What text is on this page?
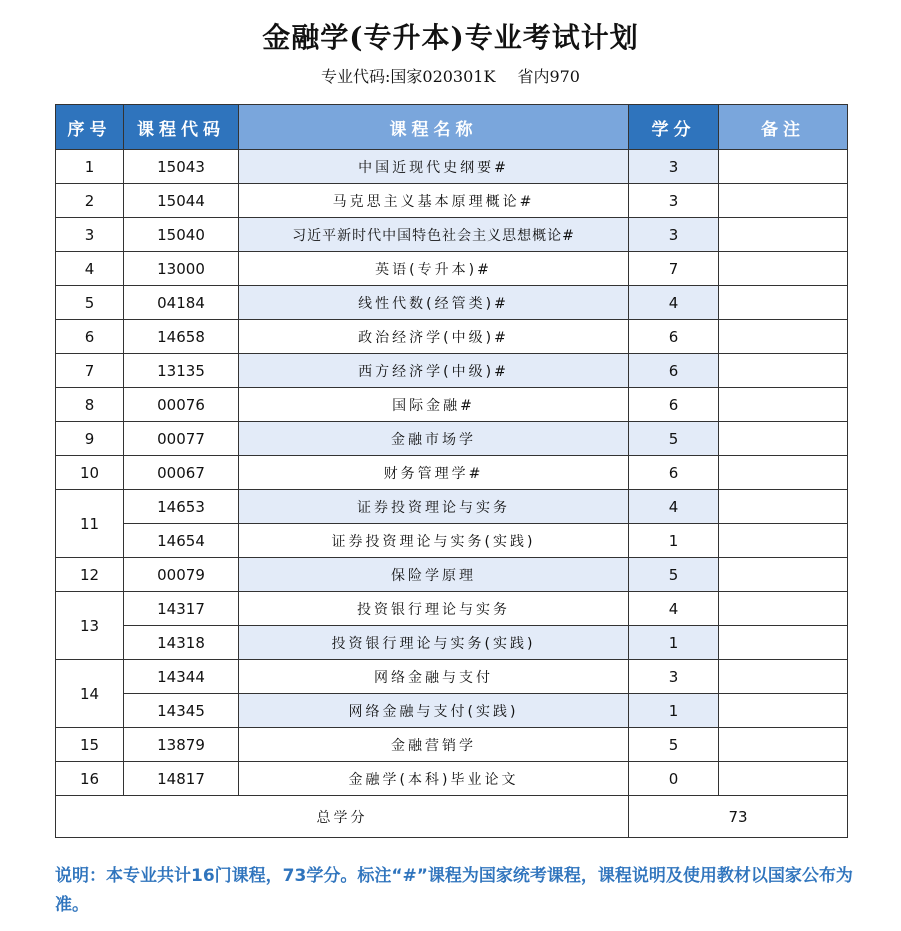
金融学(专升本)专业考试计划
专业代码:国家020301K 省内970
序号	课程代码	课程名称	学分	备注
1	15043	中国近现代史纲要#	3	
2	15044	马克思主义基本原理概论#	3	
3	15040	习近平新时代中国特色社会主义思想概论#	3	
4	13000	英语(专升本)#	7	
5	04184	线性代数(经管类)#	4	
6	14658	政治经济学(中级)#	6	
7	13135	西方经济学(中级)#	6	
8	00076	国际金融#	6	
9	00077	金融市场学	5	
10	00067	财务管理学#	6	
11	14653	证券投资理论与实务	4	
	14654	证券投资理论与实务(实践)	1	
12	00079	保险学原理	5	
13	14317	投资银行理论与实务	4	
	14318	投资银行理论与实务(实践)	1	
14	14344	网络金融与支付	3	
	14345	网络金融与支付(实践)	1	
15	13879	金融营销学	5	
16	14817	金融学(本科)毕业论文	0	
总学分			73	
说明：本专业共计16门课程，73学分。标注“#”课程为国家统考课程，课程说明及使用教材以国家公布为准。
